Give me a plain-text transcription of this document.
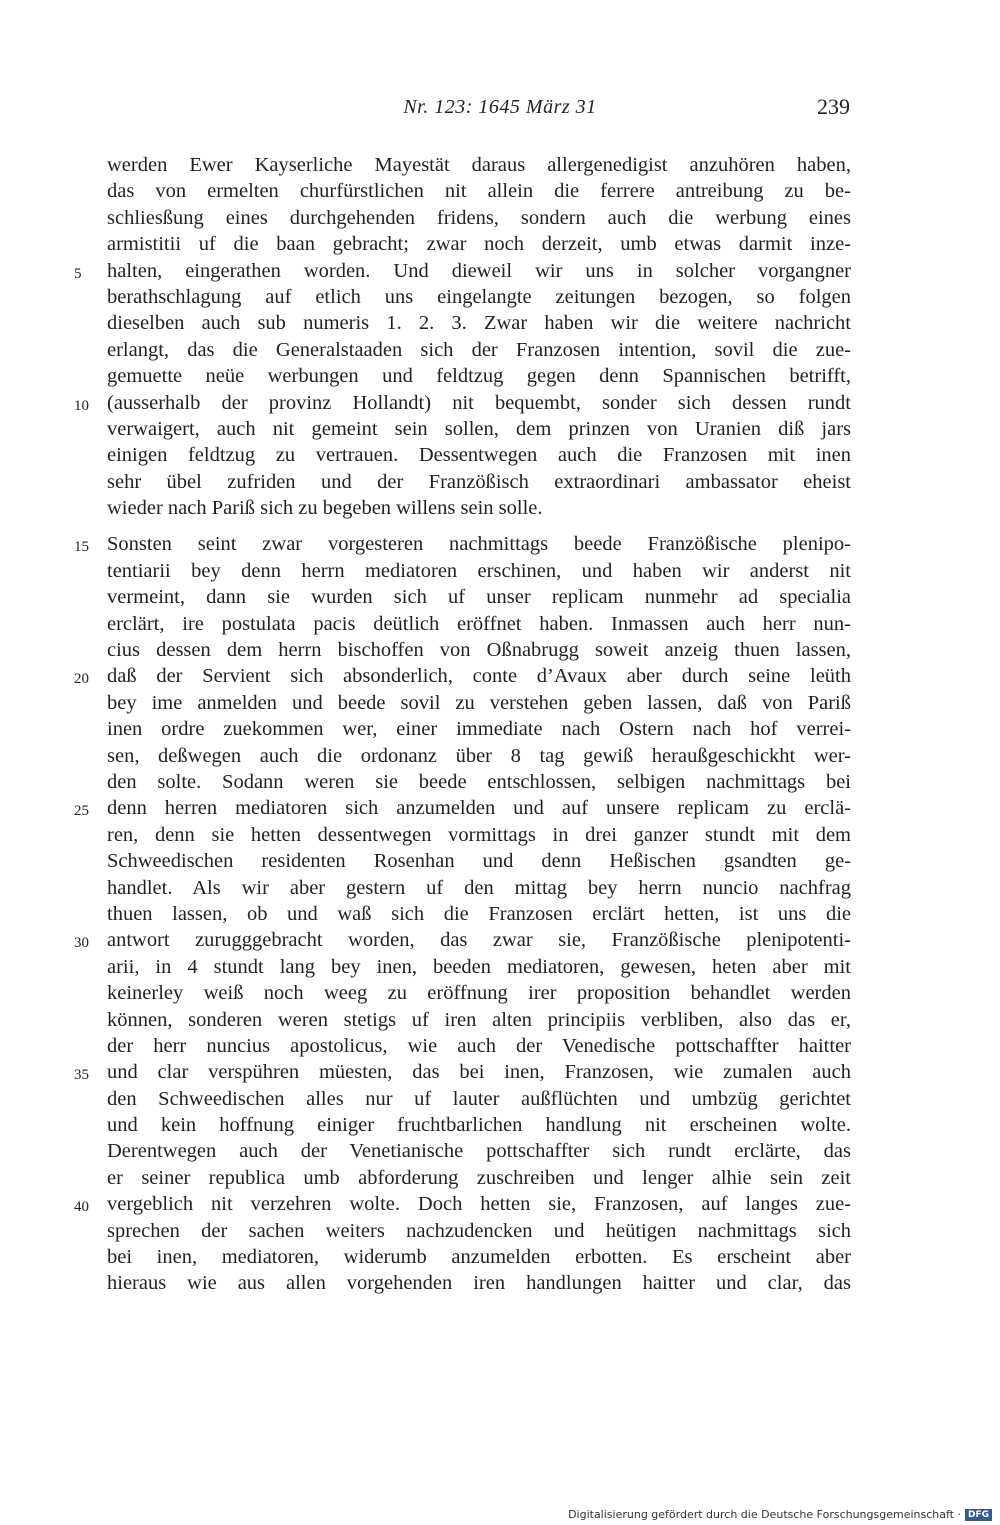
Nr. 123: 1645 März 31	239
werden Ewer Kayserliche Mayestät daraus allergenedigist anzuhören haben,
das von ermelten churfürstlichen nit allein die ferrere antreibung zu be-
schliesßung eines durchgehenden fridens, sondern auch die werbung eines
armistitii uf die baan gebracht; zwar noch derzeit, umb etwas darmit inze-
halten, eingerathen worden. Und dieweil wir uns in solcher vorgangner
5
berathschlagung auf etlich uns eingelangte zeitungen bezogen, so folgen
dieselben auch sub numeris 1. 2. 3. Zwar haben wir die weitere nachricht
erlangt, das die Generalstaaden sich der Franzosen intention, sovil die zue-
gemuette neüe werbungen und feldtzug gegen denn Spannischen betrifft,
(ausserhalb der provinz Hollandt) nit bequembt, sonder sich dessen rundt
10
verwaigert, auch nit gemeint sein sollen, dem prinzen von Uranien diß jars
einigen feldtzug zu vertrauen. Dessentwegen auch die Franzosen mit inen
sehr übel zufriden und der Franzößisch extraordinari ambassator eheist
wieder nach Pariß sich zu begeben willens sein solle.
Sonsten seint zwar vorgesteren nachmittags beede Franzößische plenipo-
15
tentiarii bey denn herrn mediatoren erschinen, und haben wir anderst nit
vermeint, dann sie wurden sich uf unser replicam nunmehr ad specialia
erclärt, ire postulata pacis deütlich eröffnet haben. Inmassen auch herr nun-
cius dessen dem herrn bischoffen von Oßnabrugg soweit anzeig thuen lassen,
daß der Servient sich absonderlich, conte d’Avaux aber durch seine leüth
20
bey ime anmelden und beede sovil zu verstehen geben lassen, daß von Pariß
inen ordre zuekommen wer, einer immediate nach Ostern nach hof verrei-
sen, deßwegen auch die ordonanz über 8 tag gewiß heraußgeschickht wer-
den solte. Sodann weren sie beede entschlossen, selbigen nachmittags bei
denn herren mediatoren sich anzumelden und auf unsere replicam zu erclä-
25
ren, denn sie hetten dessentwegen vormittags in drei ganzer stundt mit dem
Schweedischen residenten Rosenhan und denn Heßischen gsandten ge-
handlet. Als wir aber gestern uf den mittag bey herrn nuncio nachfrag
thuen lassen, ob und waß sich die Franzosen erclärt hetten, ist uns die
antwort zurugggebracht worden, das zwar sie, Franzößische plenipotenti-
30
arii, in 4 stundt lang bey inen, beeden mediatoren, gewesen, heten aber mit
keinerley weiß noch weeg zu eröffnung irer proposition behandlet werden
können, sonderen weren stetigs uf iren alten principiis verbliben, also das er,
der herr nuncius apostolicus, wie auch der Venedische pottschaffter haitter
und clar verspühren müesten, das bei inen, Franzosen, wie zumalen auch
35
den Schweedischen alles nur uf lauter außflüchten und umbzüg gerichtet
und kein hoffnung einiger fruchtbarlichen handlung nit erscheinen wolte.
Derentwegen auch der Venetianische pottschaffter sich rundt erclärte, das
er seiner republica umb abforderung zuschreiben und lenger alhie sein zeit
vergeblich nit verzehren wolte. Doch hetten sie, Franzosen, auf langes zue-
40
sprechen der sachen weiters nachzudencken und heütigen nachmittags sich
bei inen, mediatoren, widerumb anzumelden erbotten. Es erscheint aber
hieraus wie aus allen vorgehenden iren handlungen haitter und clar, das
Digitalisierung gefördert durch die Deutsche Forschungsgemeinschaft · DFG
